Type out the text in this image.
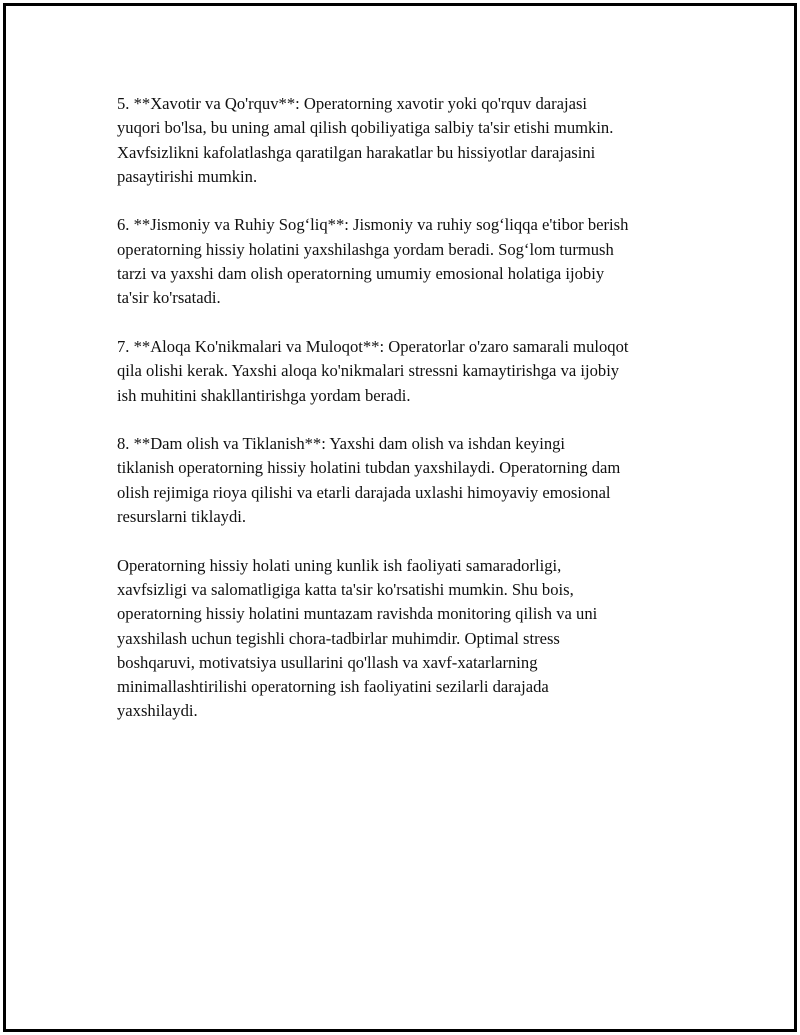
5. **Xavotir va Qo'rquv**: Operatorning xavotir yoki qo'rquv darajasi
yuqori bo'lsa, bu uning amal qilish qobiliyatiga salbiy ta'sir etishi mumkin.
Xavfsizlikni kafolatlashga qaratilgan harakatlar bu hissiyotlar darajasini
pasaytirishi mumkin.

6. **Jismoniy va Ruhiy Sog‘liq**: Jismoniy va ruhiy sog‘liqqa e'tibor berish
operatorning hissiy holatini yaxshilashga yordam beradi. Sog‘lom turmush
tarzi va yaxshi dam olish operatorning umumiy emosional holatiga ijobiy
ta'sir ko'rsatadi.

7. **Aloqa Ko'nikmalari va Muloqot**: Operatorlar o'zaro samarali muloqot
qila olishi kerak. Yaxshi aloqa ko'nikmalari stressni kamaytirishga va ijobiy
ish muhitini shakllantirishga yordam beradi.

8. **Dam olish va Tiklanish**: Yaxshi dam olish va ishdan keyingi
tiklanish operatorning hissiy holatini tubdan yaxshilaydi. Operatorning dam
olish rejimiga rioya qilishi va etarli darajada uxlashi himoyaviy emosional
resurslarni tiklaydi.

Operatorning hissiy holati uning kunlik ish faoliyati samaradorligi,
xavfsizligi va salomatligiga katta ta'sir ko'rsatishi mumkin. Shu bois,
operatorning hissiy holatini muntazam ravishda monitoring qilish va uni
yaxshilash uchun tegishli chora-tadbirlar muhimdir. Optimal stress
boshqaruvi, motivatsiya usullarini qo'llash va xavf-xatarlarning
minimallashtirilishi operatorning ish faoliyatini sezilarli darajada
yaxshilaydi.
